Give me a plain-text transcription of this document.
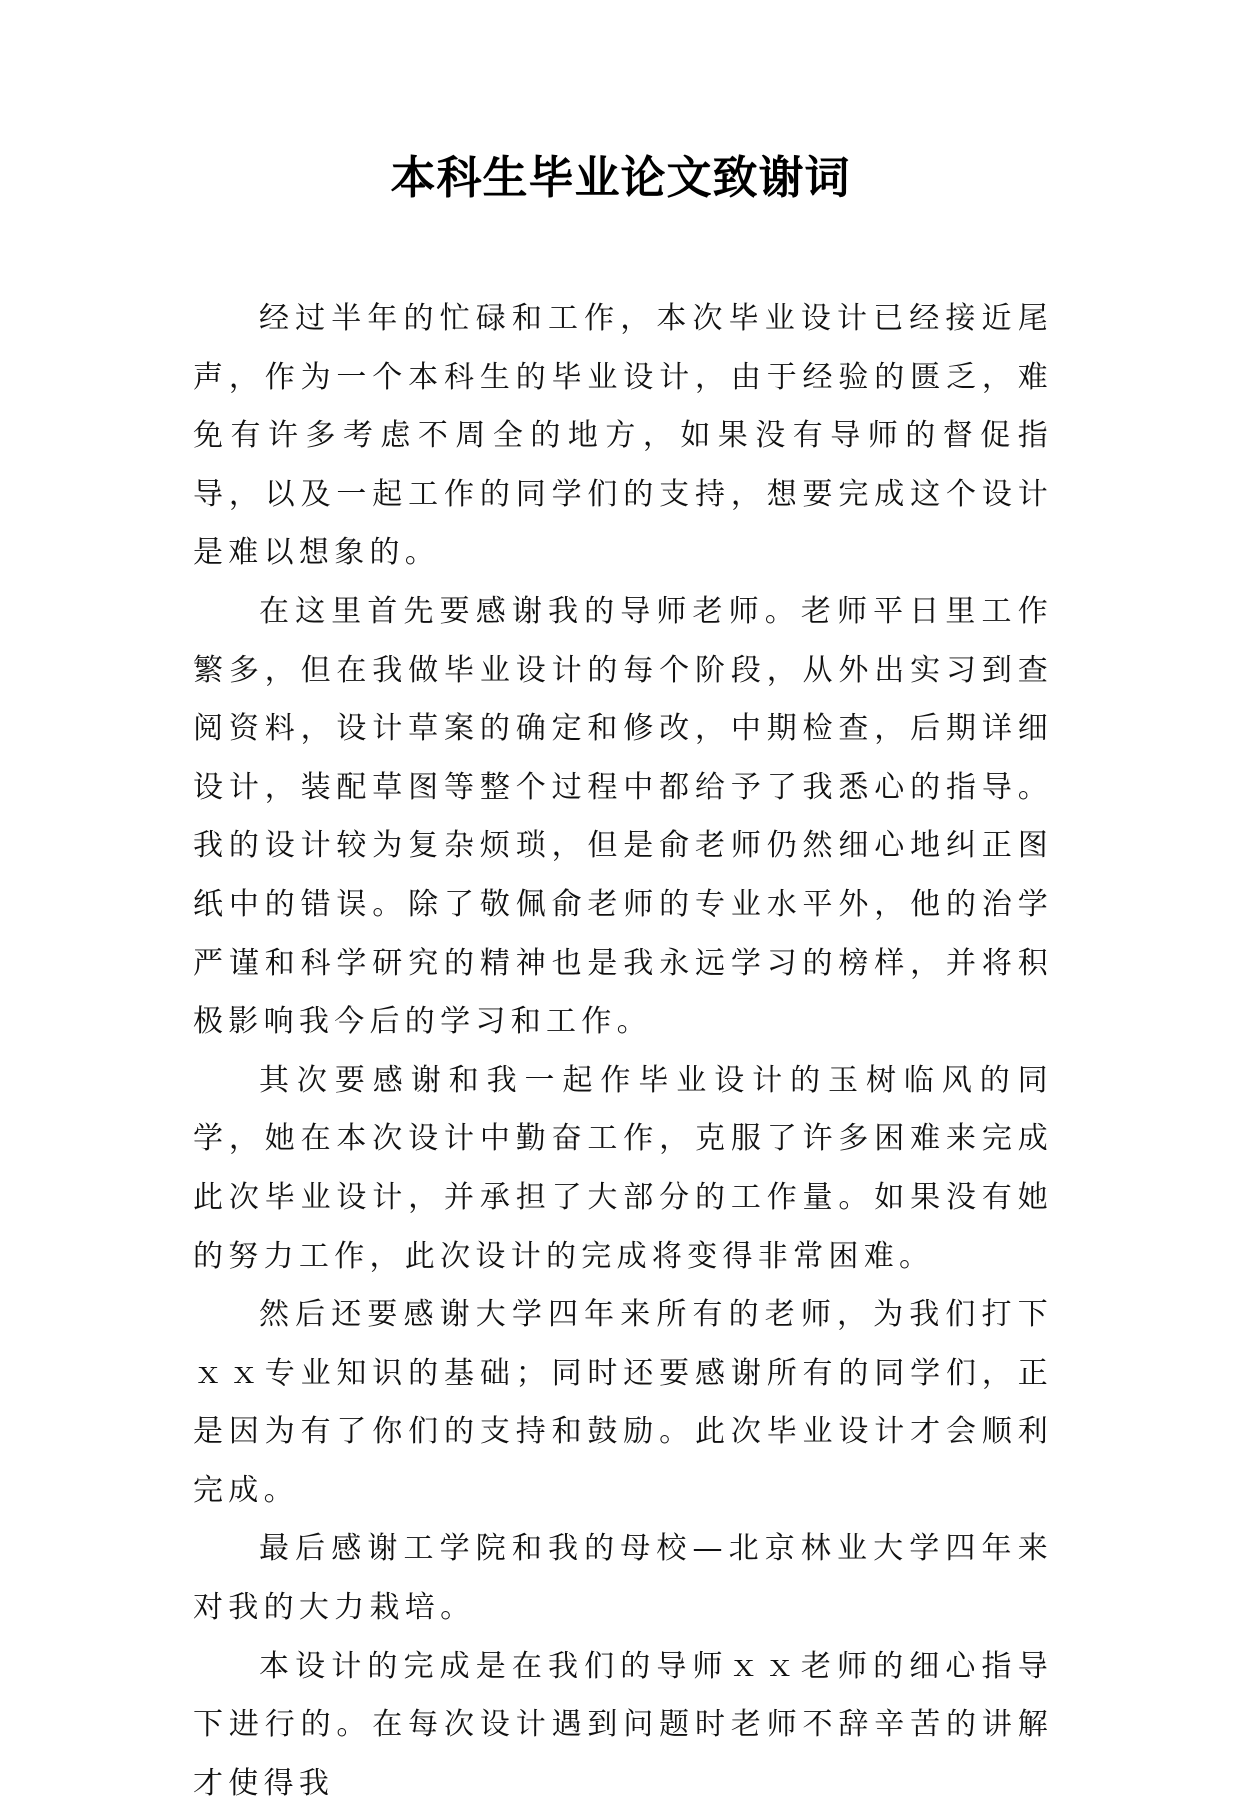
本科生毕业论文致谢词

经过半年的忙碌和工作，本次毕业设计已经接近尾声，作为一个本科生的毕业设计，由于经验的匮乏，难免有许多考虑不周全的地方，如果没有导师的督促指导，以及一起工作的同学们的支持，想要完成这个设计是难以想象的。

在这里首先要感谢我的导师老师。老师平日里工作繁多，但在我做毕业设计的每个阶段，从外出实习到查阅资料，设计草案的确定和修改，中期检查，后期详细设计，装配草图等整个过程中都给予了我悉心的指导。我的设计较为复杂烦琐，但是俞老师仍然细心地纠正图纸中的错误。除了敬佩俞老师的专业水平外，他的治学严谨和科学研究的精神也是我永远学习的榜样，并将积极影响我今后的学习和工作。

其次要感谢和我一起作毕业设计的玉树临风的同学，她在本次设计中勤奋工作，克服了许多困难来完成此次毕业设计，并承担了大部分的工作量。如果没有她的努力工作，此次设计的完成将变得非常困难。

然后还要感谢大学四年来所有的老师，为我们打下ｘｘ专业知识的基础；同时还要感谢所有的同学们，正是因为有了你们的支持和鼓励。此次毕业设计才会顺利完成。

最后感谢工学院和我的母校—北京林业大学四年来对我的大力栽培。

本设计的完成是在我们的导师ｘｘ老师的细心指导下进行的。在每次设计遇到问题时老师不辞辛苦的讲解才使得我
